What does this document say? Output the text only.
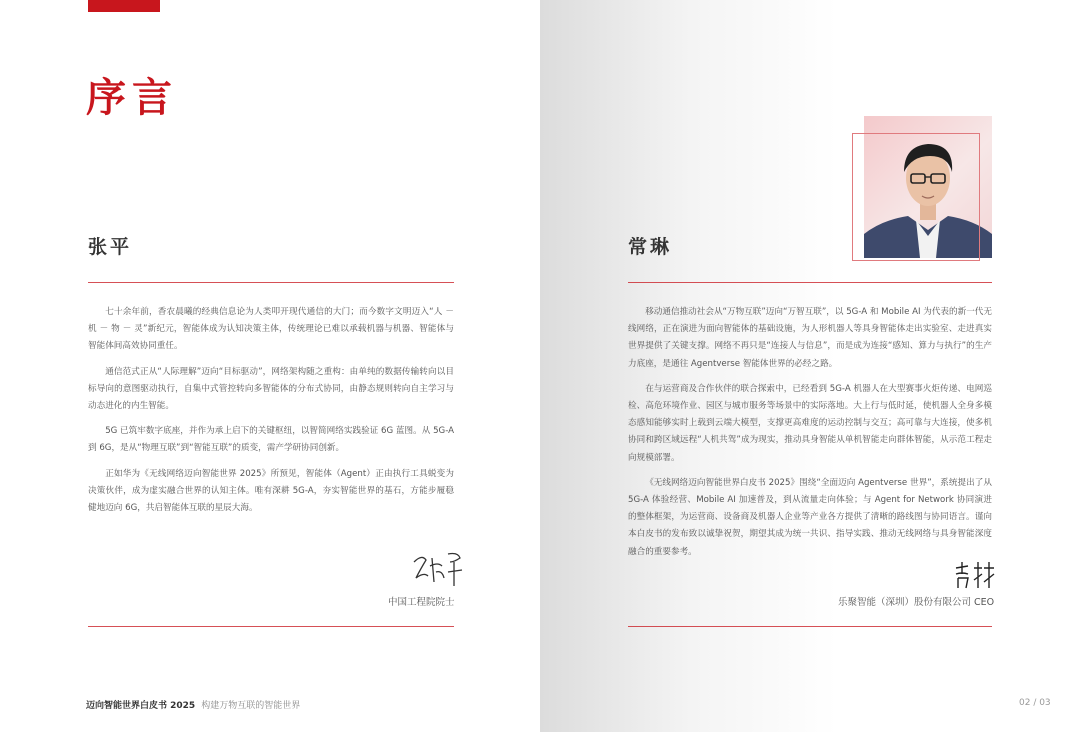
序言
张平

七十余年前，香农晨曦的经典信息论为人类叩开现代通信的大门；而今数字文明迈入“人 － 机 － 物 － 灵”新纪元，智能体成为认知决策主体，传统理论已难以承载机器与机器、智能体与智能体间高效协同重任。

通信范式正从“人际理解”迈向“目标驱动”，网络架构随之重构：由单纯的数据传输转向以目标导向的意图驱动执行，自集中式管控转向多智能体的分布式协同，由静态规则转向自主学习与动态进化的内生智能。

5G 已筑牢数字底座，并作为承上启下的关键枢纽，以智简网络实践验证 6G 蓝图。从 5G-A 到 6G，是从“物理互联”到“智能互联”的质变，需产学研协同创新。

正如华为《无线网络迈向智能世界 2025》所预见，智能体（Agent）正由执行工具蜕变为决策伙伴，成为虚实融合世界的认知主体。唯有深耕 5G-A，夯实智能世界的基石，方能步履稳健地迈向 6G，共启智能体互联的星辰大海。

中国工程院院士
常琳

移动通信推动社会从“万物互联”迈向“万智互联”，以 5G-A 和 Mobile AI 为代表的新一代无线网络，正在演进为面向智能体的基础设施，为人形机器人等具身智能体走出实验室、走进真实世界提供了关键支撑。网络不再只是“连接人与信息”，而是成为连接“感知、算力与执行”的生产力底座，是通往 Agentverse 智能体世界的必经之路。

在与运营商及合作伙伴的联合探索中，已经看到 5G-A 机器人在大型赛事火炬传递、电网巡检、高危环境作业、园区与城市服务等场景中的实际落地。大上行与低时延，使机器人全身多模态感知能够实时上载到云端大模型，支撑更高难度的运动控制与交互；高可靠与大连接，使多机协同和跨区域远程“人机共驾”成为现实，推动具身智能从单机智能走向群体智能，从示范工程走向规模部署。

《无线网络迈向智能世界白皮书 2025》围绕“全面迈向 Agentverse 世界”，系统提出了从 5G-A 体验经营、Mobile AI 加速普及，到从流量走向体验；与 Agent for Network 协同演进的整体框架，为运营商、设备商及机器人企业等产业各方提供了清晰的路线图与协同语言。谨向本白皮书的发布致以诚挚祝贺，期望其成为统一共识、指导实践、推动无线网络与具身智能深度融合的重要参考。

乐聚智能（深圳）股份有限公司 CEO
迈向智能世界白皮书 2025 构建万物互联的智能世界	02 / 03
